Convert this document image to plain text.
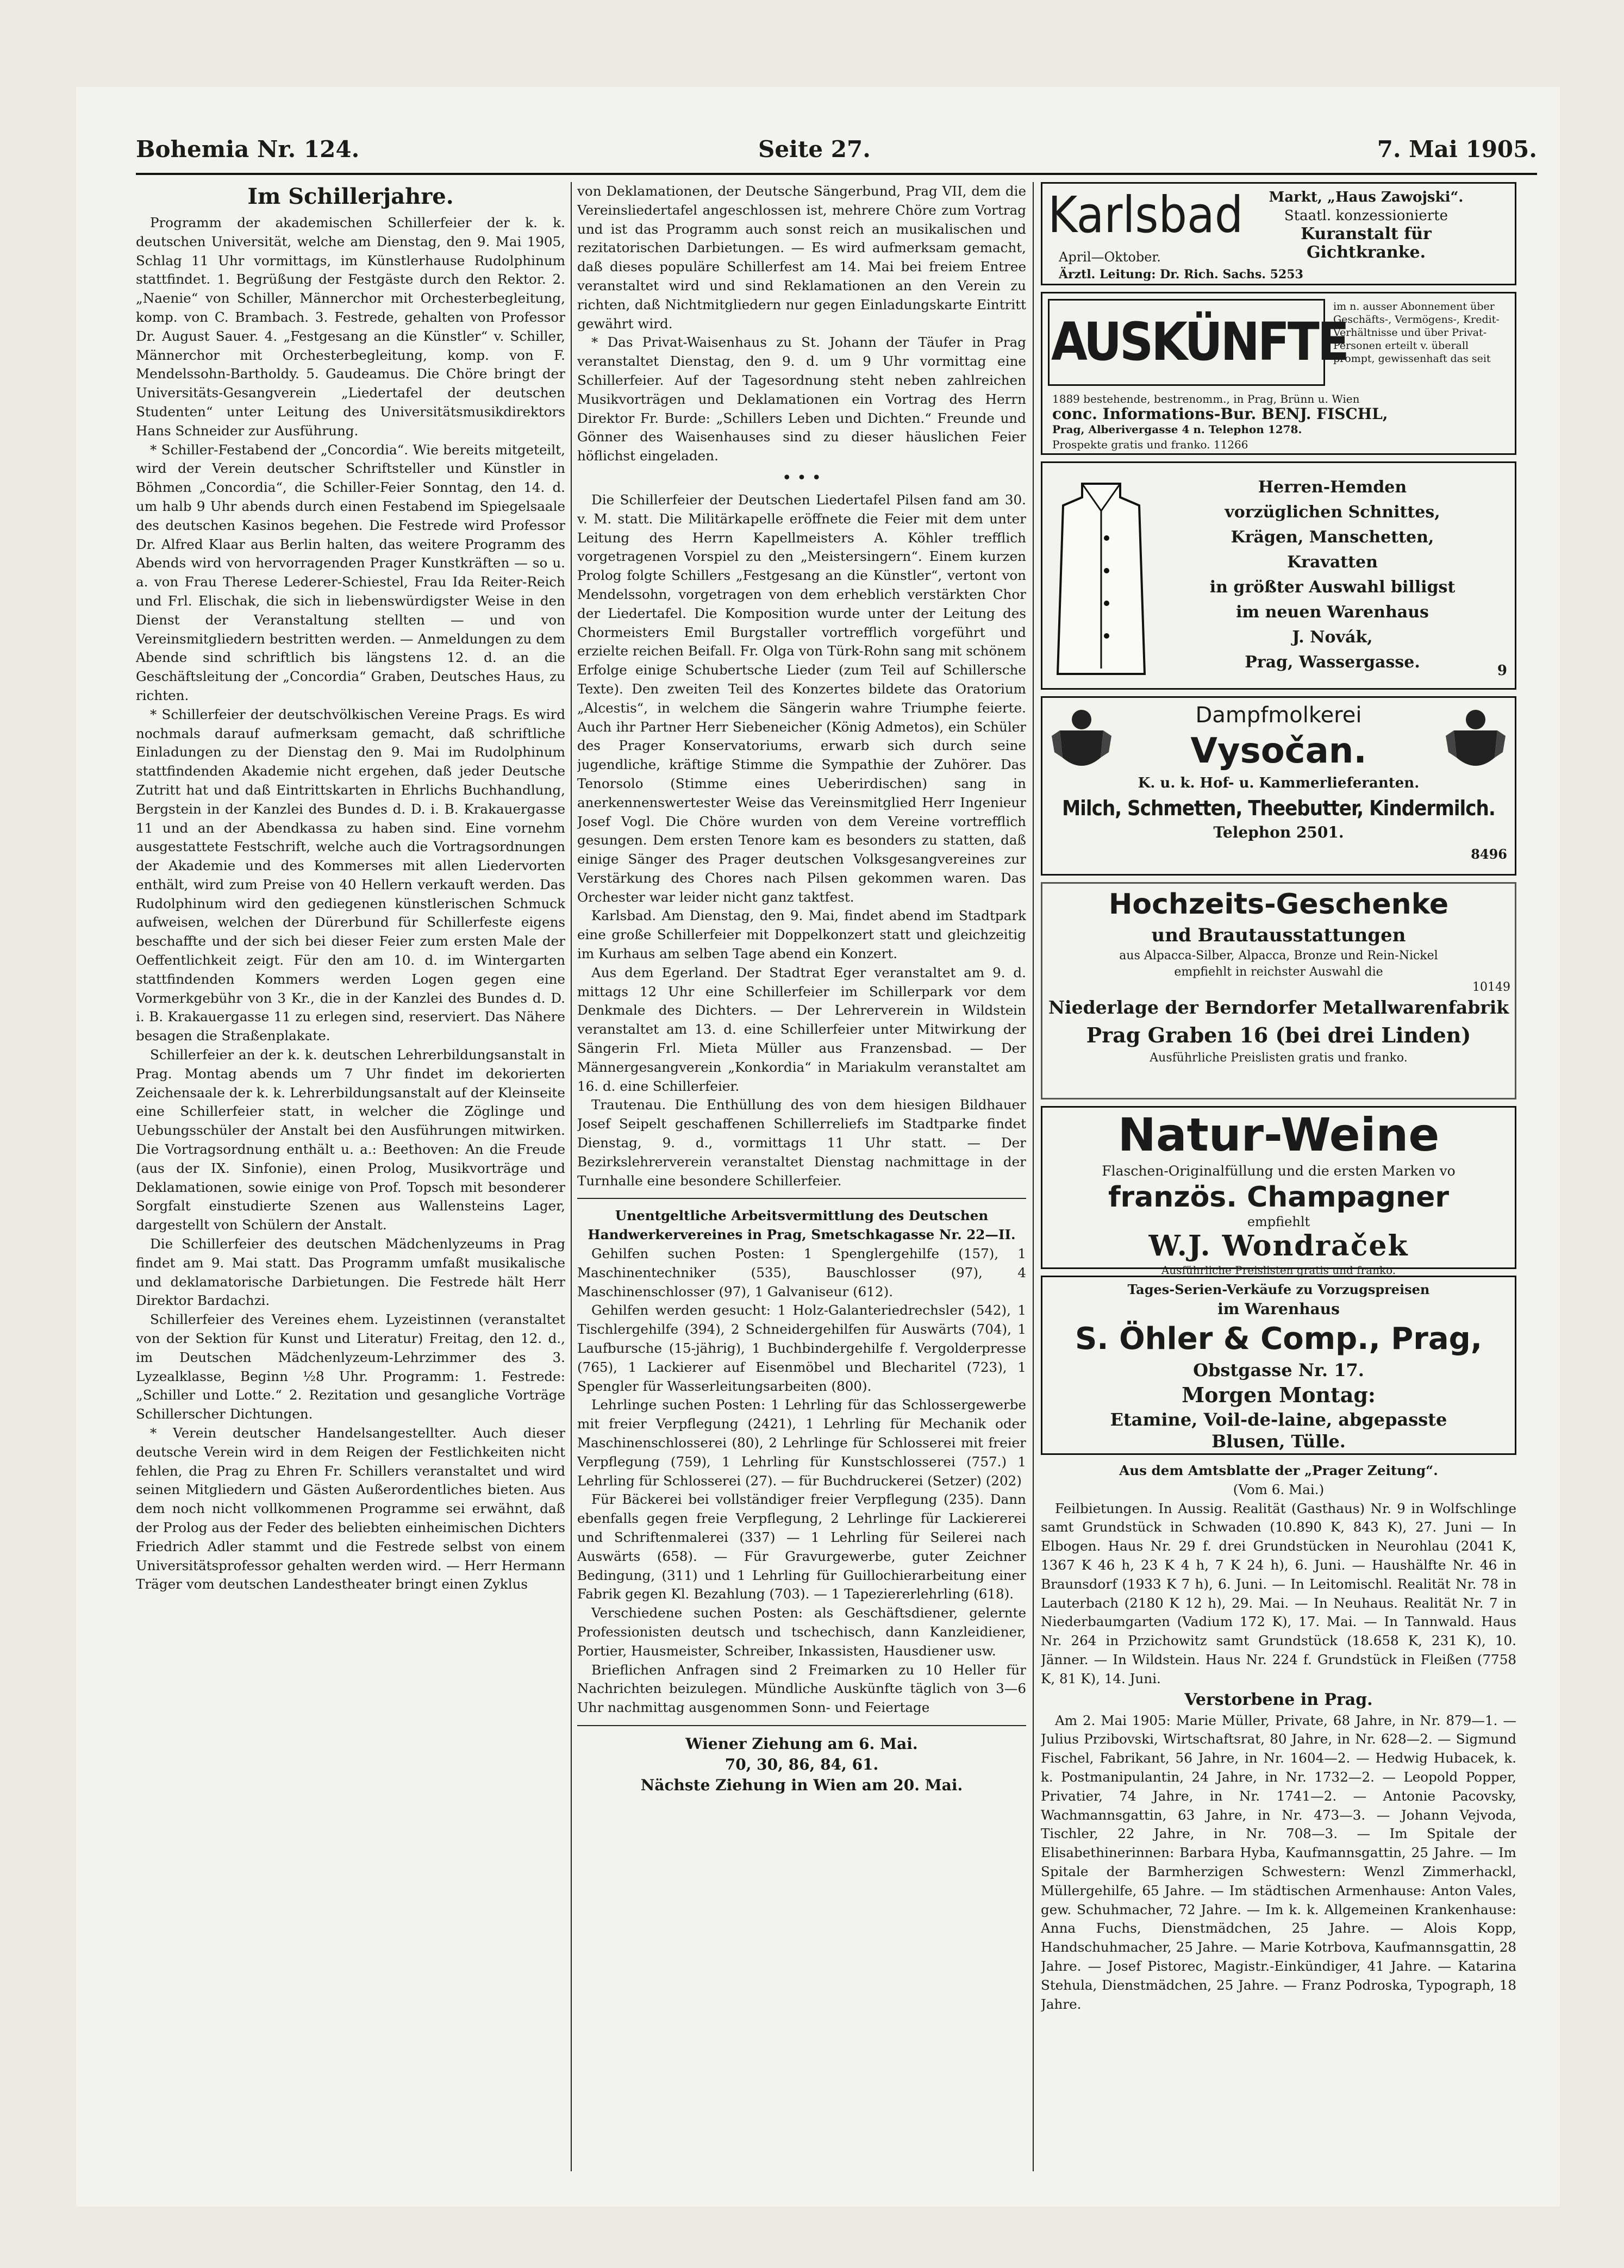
Bohemia Nr. 124.	Seite 27.	7. Mai 1905.
Im Schillerjahre.

Programm der akademischen Schillerfeier der k. k. deutschen Universität, welche am Dienstag, den 9. Mai 1905, Schlag 11 Uhr vormittags, im Künstlerhause Rudolphinum stattfindet. 1. Begrüßung der Festgäste durch den Rektor. 2. „Naenie“ von Schiller, Männerchor mit Orchesterbegleitung, komp. von C. Brambach. 3. Festrede, gehalten von Professor Dr. August Sauer. 4. „Festgesang an die Künstler“ v. Schiller, Männerchor mit Orchesterbegleitung, komp. von F. Mendelssohn-Bartholdy. 5. Gaudeamus. Die Chöre bringt der Universitäts-Gesangverein „Liedertafel der deutschen Studenten“ unter Leitung des Universitätsmusikdirektors Hans Schneider zur Ausführung.

* Schiller-Festabend der „Concordia“. Wie bereits mitgeteilt, wird der Verein deutscher Schriftsteller und Künstler in Böhmen „Concordia“, die Schiller-Feier Sonntag, den 14. d. um halb 9 Uhr abends durch einen Festabend im Spiegelsaale des deutschen Kasinos begehen. Die Festrede wird Professor Dr. Alfred Klaar aus Berlin halten, das weitere Programm des Abends wird von hervorragenden Prager Kunstkräften — so u. a. von Frau Therese Lederer-Schiestel, Frau Ida Reiter-Reich und Frl. Elischak, die sich in liebenswürdigster Weise in den Dienst der Veranstaltung stellten — und von Vereinsmitgliedern bestritten werden. — Anmeldungen zu dem Abende sind schriftlich bis längstens 12. d. an die Geschäftsleitung der „Concordia“ Graben, Deutsches Haus, zu richten.

* Schillerfeier der deutschvölkischen Vereine Prags. Es wird nochmals darauf aufmerksam gemacht, daß schriftliche Einladungen zu der Dienstag den 9. Mai im Rudolphinum stattfindenden Akademie nicht ergehen, daß jeder Deutsche Zutritt hat und daß Eintrittskarten in Ehrlichs Buchhandlung, Bergstein in der Kanzlei des Bundes d. D. i. B. Krakauergasse 11 und an der Abendkassa zu haben sind. Eine vornehm ausgestattete Festschrift, welche auch die Vortragsordnungen der Akademie und des Kommerses mit allen Liedervorten enthält, wird zum Preise von 40 Hellern verkauft werden. Das Rudolphinum wird den gediegenen künstlerischen Schmuck aufweisen, welchen der Dürerbund für Schillerfeste eigens beschaffte und der sich bei dieser Feier zum ersten Male der Oeffentlichkeit zeigt. Für den am 10. d. im Wintergarten stattfindenden Kommers werden Logen gegen eine Vormerkgebühr von 3 Kr., die in der Kanzlei des Bundes d. D. i. B. Krakauergasse 11 zu erlegen sind, reserviert. Das Nähere besagen die Straßenplakate.

Schillerfeier an der k. k. deutschen Lehrerbildungsanstalt in Prag. Montag abends um 7 Uhr findet im dekorierten Zeichensaale der k. k. Lehrerbildungsanstalt auf der Kleinseite eine Schillerfeier statt, in welcher die Zöglinge und Uebungsschüler der Anstalt bei den Ausführungen mitwirken. Die Vortragsordnung enthält u. a.: Beethoven: An die Freude (aus der IX. Sinfonie), einen Prolog, Musikvorträge und Deklamationen, sowie einige von Prof. Topsch mit besonderer Sorgfalt einstudierte Szenen aus Wallensteins Lager, dargestellt von Schülern der Anstalt.

Die Schillerfeier des deutschen Mädchenlyzeums in Prag findet am 9. Mai statt. Das Programm umfaßt musikalische und deklamatorische Darbietungen. Die Festrede hält Herr Direktor Bardachzi.

Schillerfeier des Vereines ehem. Lyzeistinnen (veranstaltet von der Sektion für Kunst und Literatur) Freitag, den 12. d., im Deutschen Mädchenlyzeum-Lehrzimmer des 3. Lyzealklasse, Beginn ½8 Uhr. Programm: 1. Festrede: „Schiller und Lotte.“ 2. Rezitation und gesangliche Vorträge Schillerscher Dichtungen.

* Verein deutscher Handelsangestellter. Auch dieser deutsche Verein wird in dem Reigen der Festlichkeiten nicht fehlen, die Prag zu Ehren Fr. Schillers veranstaltet und wird seinen Mitgliedern und Gästen Außerordentliches bieten. Aus dem noch nicht vollkommenen Programme sei erwähnt, daß der Prolog aus der Feder des beliebten einheimischen Dichters Friedrich Adler stammt und die Festrede selbst von einem Universitätsprofessor gehalten werden wird. — Herr Hermann Träger vom deutschen Landestheater bringt einen Zyklus

von Deklamationen, der Deutsche Sängerbund, Prag VII, dem die Vereinsliedertafel angeschlossen ist, mehrere Chöre zum Vortrag und ist das Programm auch sonst reich an musikalischen und rezitatorischen Darbietungen. — Es wird aufmerksam gemacht, daß dieses populäre Schillerfest am 14. Mai bei freiem Entree veranstaltet wird und sind Reklamationen an den Verein zu richten, daß Nichtmitgliedern nur gegen Einladungskarte Eintritt gewährt wird.

* Das Privat-Waisenhaus zu St. Johann der Täufer in Prag veranstaltet Dienstag, den 9. d. um 9 Uhr vormittag eine Schillerfeier. Auf der Tagesordnung steht neben zahlreichen Musikvorträgen und Deklamationen ein Vortrag des Herrn Direktor Fr. Burde: „Schillers Leben und Dichten.“ Freunde und Gönner des Waisenhauses sind zu dieser häuslichen Feier höflichst eingeladen.

• • •

Die Schillerfeier der Deutschen Liedertafel Pilsen fand am 30. v. M. statt. Die Militärkapelle eröffnete die Feier mit dem unter Leitung des Herrn Kapellmeisters A. Köhler trefflich vorgetragenen Vorspiel zu den „Meistersingern“. Einem kurzen Prolog folgte Schillers „Festgesang an die Künstler“, vertont von Mendelssohn, vorgetragen von dem erheblich verstärkten Chor der Liedertafel. Die Komposition wurde unter der Leitung des Chormeisters Emil Burgstaller vortrefflich vorgeführt und erzielte reichen Beifall. Fr. Olga von Türk-Rohn sang mit schönem Erfolge einige Schubertsche Lieder (zum Teil auf Schillersche Texte). Den zweiten Teil des Konzertes bildete das Oratorium „Alcestis“, in welchem die Sängerin wahre Triumphe feierte. Auch ihr Partner Herr Siebeneicher (König Admetos), ein Schüler des Prager Konservatoriums, erwarb sich durch seine jugendliche, kräftige Stimme die Sympathie der Zuhörer. Das Tenorsolo (Stimme eines Ueberirdischen) sang in anerkennenswertester Weise das Vereinsmitglied Herr Ingenieur Josef Vogl. Die Chöre wurden von dem Vereine vortrefflich gesungen. Dem ersten Tenore kam es besonders zu statten, daß einige Sänger des Prager deutschen Volksgesangvereines zur Verstärkung des Chores nach Pilsen gekommen waren. Das Orchester war leider nicht ganz taktfest.

Karlsbad. Am Dienstag, den 9. Mai, findet abend im Stadtpark eine große Schillerfeier mit Doppelkonzert statt und gleichzeitig im Kurhaus am selben Tage abend ein Konzert.

Aus dem Egerland. Der Stadtrat Eger veranstaltet am 9. d. mittags 12 Uhr eine Schillerfeier im Schillerpark vor dem Denkmale des Dichters. — Der Lehrerverein in Wildstein veranstaltet am 13. d. eine Schillerfeier unter Mitwirkung der Sängerin Frl. Mieta Müller aus Franzensbad. — Der Männergesangverein „Konkordia“ in Mariakulm veranstaltet am 16. d. eine Schillerfeier.

Trautenau. Die Enthüllung des von dem hiesigen Bildhauer Josef Seipelt geschaffenen Schillerreliefs im Stadtparke findet Dienstag, 9. d., vormittags 11 Uhr statt. — Der Bezirkslehrerverein veranstaltet Dienstag nachmittage in der Turnhalle eine besondere Schillerfeier.

Unentgeltliche Arbeitsvermittlung des Deutschen Handwerkervereines in Prag, Smetschkagasse Nr. 22—II.

Gehilfen suchen Posten: 1 Spenglergehilfe (157), 1 Maschinentechniker (535), Bauschlosser (97), 4 Maschinenschlosser (97), 1 Galvaniseur (612).

Gehilfen werden gesucht: 1 Holz-Galanteriedrechsler (542), 1 Tischlergehilfe (394), 2 Schneidergehilfen für Auswärts (704), 1 Laufbursche (15-jährig), 1 Buchbindergehilfe f. Vergolderpresse (765), 1 Lackierer auf Eisenmöbel und Blecharitel (723), 1 Spengler für Wasserleitungsarbeiten (800).

Lehrlinge suchen Posten: 1 Lehrling für das Schlossergewerbe mit freier Verpflegung (2421), 1 Lehrling für Mechanik oder Maschinenschlosserei (80), 2 Lehrlinge für Schlosserei mit freier Verpflegung (759), 1 Lehrling für Kunstschlosserei (757.) 1 Lehrling für Schlosserei (27). — für Buchdruckerei (Setzer) (202)

Für Bäckerei bei vollständiger freier Verpflegung (235). Dann ebenfalls gegen freie Verpflegung, 2 Lehrlinge für Lackiererei und Schriftenmalerei (337) — 1 Lehrling für Seilerei nach Auswärts (658). — Für Gravurgewerbe, guter Zeichner Bedingung, (311) und 1 Lehrling für Guillochierarbeitung einer Fabrik gegen Kl. Bezahlung (703). — 1 Tapeziererlehrling (618).

Verschiedene suchen Posten: als Geschäftsdiener, gelernte Professionisten deutsch und tschechisch, dann Kanzleidiener, Portier, Hausmeister, Schreiber, Inkassisten, Hausdiener usw.

Brieflichen Anfragen sind 2 Freimarken zu 10 Heller für Nachrichten beizulegen. Mündliche Auskünfte täglich von 3—6 Uhr nachmittag ausgenommen Sonn- und Feiertage

Wiener Ziehung am 6. Mai.
70, 30, 86, 84, 61.
Nächste Ziehung in Wien am 20. Mai.
Karlsbad	Markt, „Haus Zawojski“.
Staatl. konzessionierte
Kuranstalt für
Gichtkranke.
April—Oktober.
Ärztl. Leitung: Dr. Rich. Sachs. 5253
AUSKÜNFTE
im n. ausser Abonnement über Geschäfts-, Vermögens-, Kredit-Verhältnisse und über Privat-Personen erteilt v. überall prompt, gewissenhaft das seit
1889 bestehende, bestrenomm., in Prag, Brünn u. Wien
conc. Informations-Bur. BENJ. FISCHL,
Prag, Alberivergasse 4 n. Telephon 1278.
Prospekte gratis und franko. 11266
Herren-Hemden
vorzüglichen Schnittes,
Krägen, Manschetten,
Kravatten
in größter Auswahl billigst
im neuen Warenhaus
J. Novák,
Prag, Wassergasse.	9
Dampfmolkerei
Vysočan.
K. u. k. Hof- u. Kammerlieferanten.
Milch, Schmetten, Theebutter, Kindermilch.
Telephon 2501.
8496
Hochzeits-Geschenke
und Brautausstattungen
aus Alpacca-Silber, Alpacca, Bronze und Rein-Nickel
empfiehlt in reichster Auswahl die
10149
Niederlage der Berndorfer Metallwarenfabrik
Prag Graben 16 (bei drei Linden)
Ausführliche Preislisten gratis und franko.
Natur-Weine
Flaschen-Originalfüllung und die ersten Marken vo
französ. Champagner
empfiehlt
W.J. Wondraček
Ausführliche Preislisten gratis und franko.
Tages-Serien-Verkäufe zu Vorzugspreisen
im Warenhaus
S. Öhler & Comp., Prag,
Obstgasse Nr. 17.
Morgen Montag:
Etamine, Voil-de-laine, abgepasste
Blusen, Tülle.

Aus dem Amtsblatte der „Prager Zeitung“.

(Vom 6. Mai.)

Feilbietungen. In Aussig. Realität (Gasthaus) Nr. 9 in Wolfschlinge samt Grundstück in Schwaden (10.890 K, 843 K), 27. Juni — In Elbogen. Haus Nr. 29 f. drei Grundstücken in Neurohlau (2041 K, 1367 K 46 h, 23 K 4 h, 7 K 24 h), 6. Juni. — Haushälfte Nr. 46 in Braunsdorf (1933 K 7 h), 6. Juni. — In Leitomischl. Realität Nr. 78 in Lauterbach (2180 K 12 h), 29. Mai. — In Neuhaus. Realität Nr. 7 in Niederbaumgarten (Vadium 172 K), 17. Mai. — In Tannwald. Haus Nr. 264 in Przichowitz samt Grundstück (18.658 K, 231 K), 10. Jänner. — In Wildstein. Haus Nr. 224 f. Grundstück in Fleißen (7758 K, 81 K), 14. Juni.

Verstorbene in Prag.

Am 2. Mai 1905: Marie Müller, Private, 68 Jahre, in Nr. 879—1. — Julius Przibovski, Wirtschaftsrat, 80 Jahre, in Nr. 628—2. — Sigmund Fischel, Fabrikant, 56 Jahre, in Nr. 1604—2. — Hedwig Hubacek, k. k. Postmanipulantin, 24 Jahre, in Nr. 1732—2. — Leopold Popper, Privatier, 74 Jahre, in Nr. 1741—2. — Antonie Pacovsky, Wachmannsgattin, 63 Jahre, in Nr. 473—3. — Johann Vejvoda, Tischler, 22 Jahre, in Nr. 708—3. — Im Spitale der Elisabethinerinnen: Barbara Hyba, Kaufmannsgattin, 25 Jahre. — Im Spitale der Barmherzigen Schwestern: Wenzl Zimmerhackl, Müllergehilfe, 65 Jahre. — Im städtischen Armenhause: Anton Vales, gew. Schuhmacher, 72 Jahre. — Im k. k. Allgemeinen Krankenhause: Anna Fuchs, Dienstmädchen, 25 Jahre. — Alois Kopp, Handschuhmacher, 25 Jahre. — Marie Kotrbova, Kaufmannsgattin, 28 Jahre. — Josef Pistorec, Magistr.-Einkündiger, 41 Jahre. — Katarina Stehula, Dienstmädchen, 25 Jahre. — Franz Podroska, Typograph, 18 Jahre.
